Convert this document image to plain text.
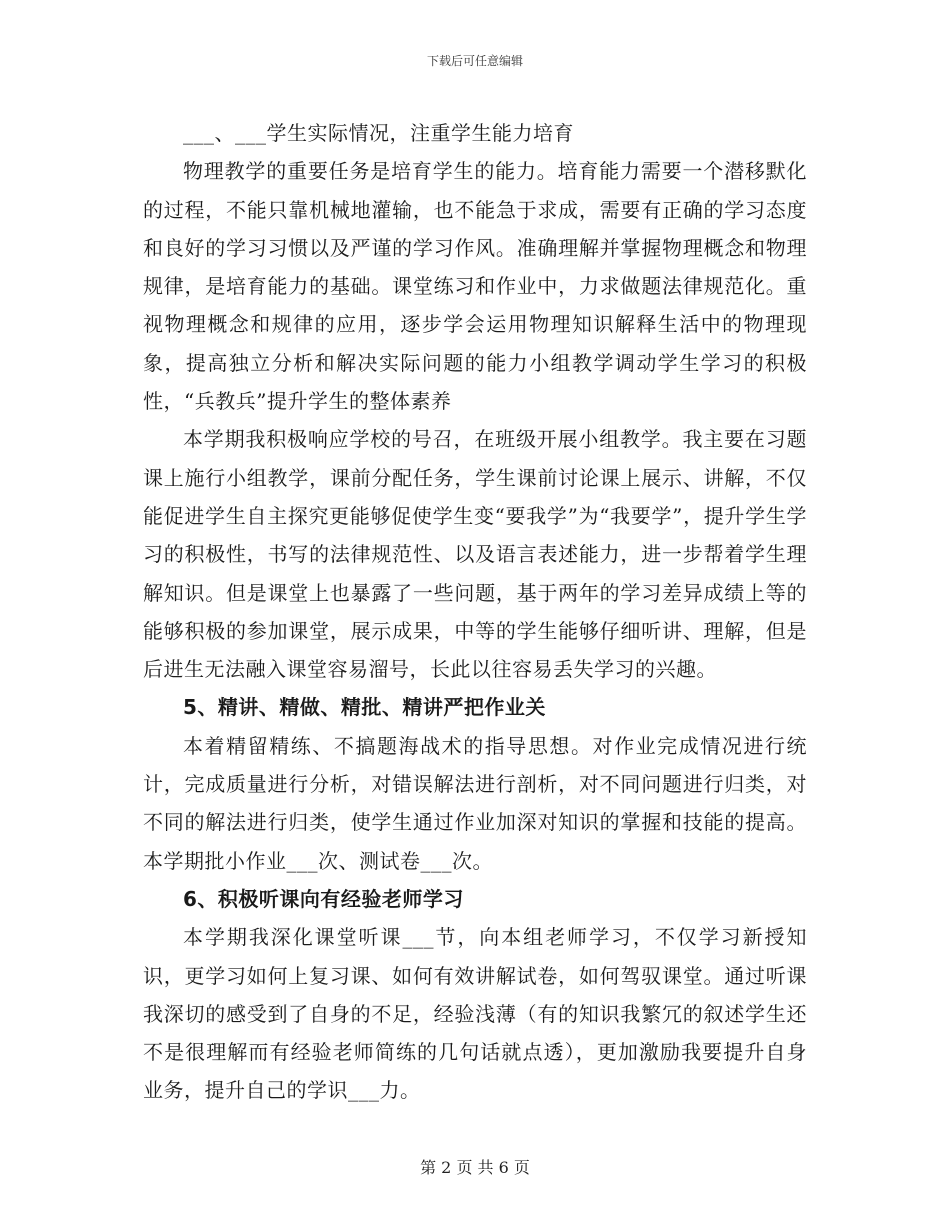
下载后可任意编辑

___、___学生实际情况，注重学生能力培育

物理教学的重要任务是培育学生的能力。培育能力需要一个潜移默化的过程，不能只靠机械地灌输，也不能急于求成，需要有正确的学习态度和良好的学习习惯以及严谨的学习作风。准确理解并掌握物理概念和物理规律，是培育能力的基础。课堂练习和作业中，力求做题法律规范化。重视物理概念和规律的应用，逐步学会运用物理知识解释生活中的物理现象，提高独立分析和解决实际问题的能力小组教学调动学生学习的积极性，“兵教兵”提升学生的整体素养

本学期我积极响应学校的号召，在班级开展小组教学。我主要在习题课上施行小组教学，课前分配任务，学生课前讨论课上展示、讲解，不仅能促进学生自主探究更能够促使学生变“要我学”为“我要学”，提升学生学习的积极性，书写的法律规范性、以及语言表述能力，进一步帮着学生理解知识。但是课堂上也暴露了一些问题，基于两年的学习差异成绩上等的能够积极的参加课堂，展示成果，中等的学生能够仔细听讲、理解，但是后进生无法融入课堂容易溜号，长此以往容易丢失学习的兴趣。

5、精讲、精做、精批、精讲严把作业关

本着精留精练、不搞题海战术的指导思想。对作业完成情况进行统计，完成质量进行分析，对错误解法进行剖析，对不同问题进行归类，对不同的解法进行归类，使学生通过作业加深对知识的掌握和技能的提高。本学期批小作业___次、测试卷___次。

6、积极听课向有经验老师学习

本学期我深化课堂听课___节，向本组老师学习，不仅学习新授知识，更学习如何上复习课、如何有效讲解试卷，如何驾驭课堂。通过听课我深切的感受到了自身的不足，经验浅薄（有的知识我繁冗的叙述学生还不是很理解而有经验老师简练的几句话就点透），更加激励我要提升自身业务，提升自己的学识___力。

第 2 页 共 6 页
